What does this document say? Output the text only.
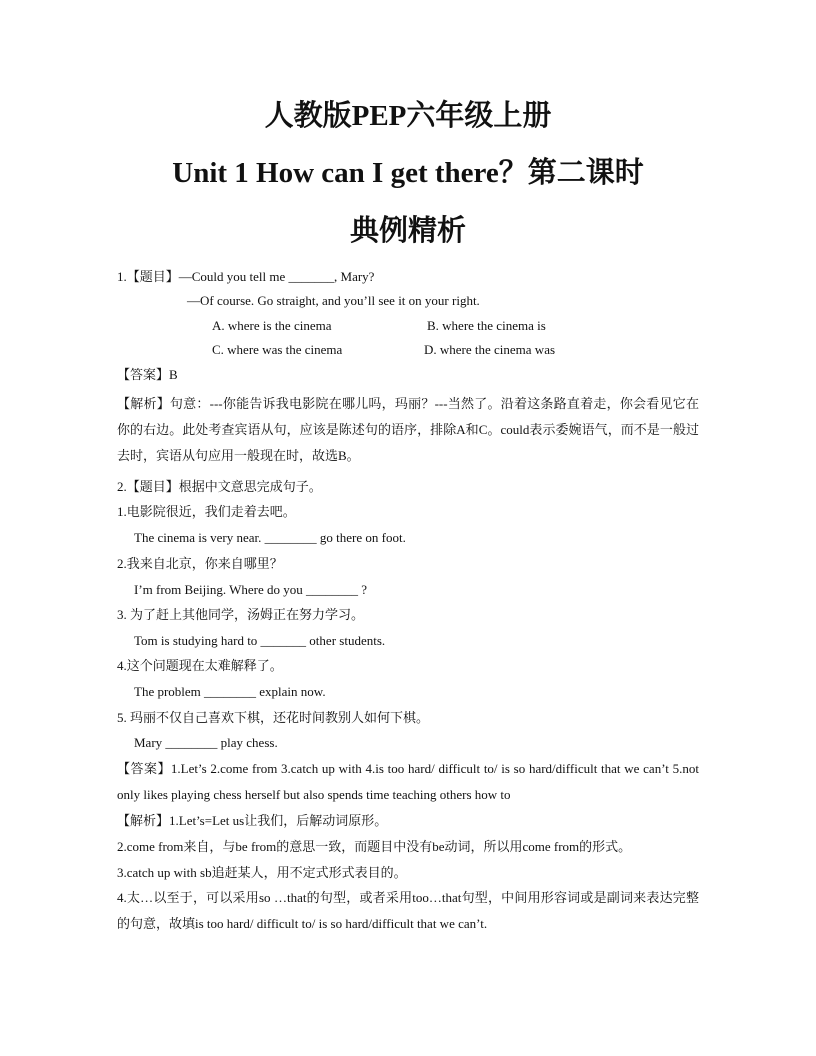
人教版PEP六年级上册
Unit 1 How can I get there？第二课时
典例精析
1.【题目】—Could you tell me _______, Mary?
—Of course. Go straight, and you’ll see it on your right.
A. where is the cinema	B. where the cinema is
C. where was the cinema	D. where the cinema was
【答案】B
【解析】句意：---你能告诉我电影院在哪儿吗，玛丽？---当然了。沿着这条路直着走，你会看见它在你的右边。此处考查宾语从句，应该是陈述句的语序，排除A和C。could表示委婉语气，而不是一般过去时，宾语从句应用一般现在时，故选B。
2.【题目】根据中文意思完成句子。
1.电影院很近，我们走着去吧。
The cinema is very near. ________ go there on foot.
2.我来自北京，你来自哪里？
I’m from Beijing. Where do you ________ ?
3. 为了赶上其他同学，汤姆正在努力学习。
Tom is studying hard to _______ other students.
4.这个问题现在太难解释了。
The problem ________ explain now.
5. 玛丽不仅自己喜欢下棋，还花时间教别人如何下棋。
Mary ________ play chess.
【答案】1.Let’s 2.come from 3.catch up with 4.is too hard/ difficult to/ is so hard/difficult that we can’t 5.not only likes playing chess herself but also spends time teaching others how to
【解析】1.Let’s=Let us让我们，后解动词原形。
2.come from来自，与be from的意思一致，而题目中没有be动词，所以用come from的形式。
3.catch up with sb追赶某人，用不定式形式表目的。
4.太…以至于，可以采用so …that的句型，或者采用too…that句型，中间用形容词或是副词来表达完整的句意，故填is too hard/ difficult to/ is so hard/difficult that we can’t.
